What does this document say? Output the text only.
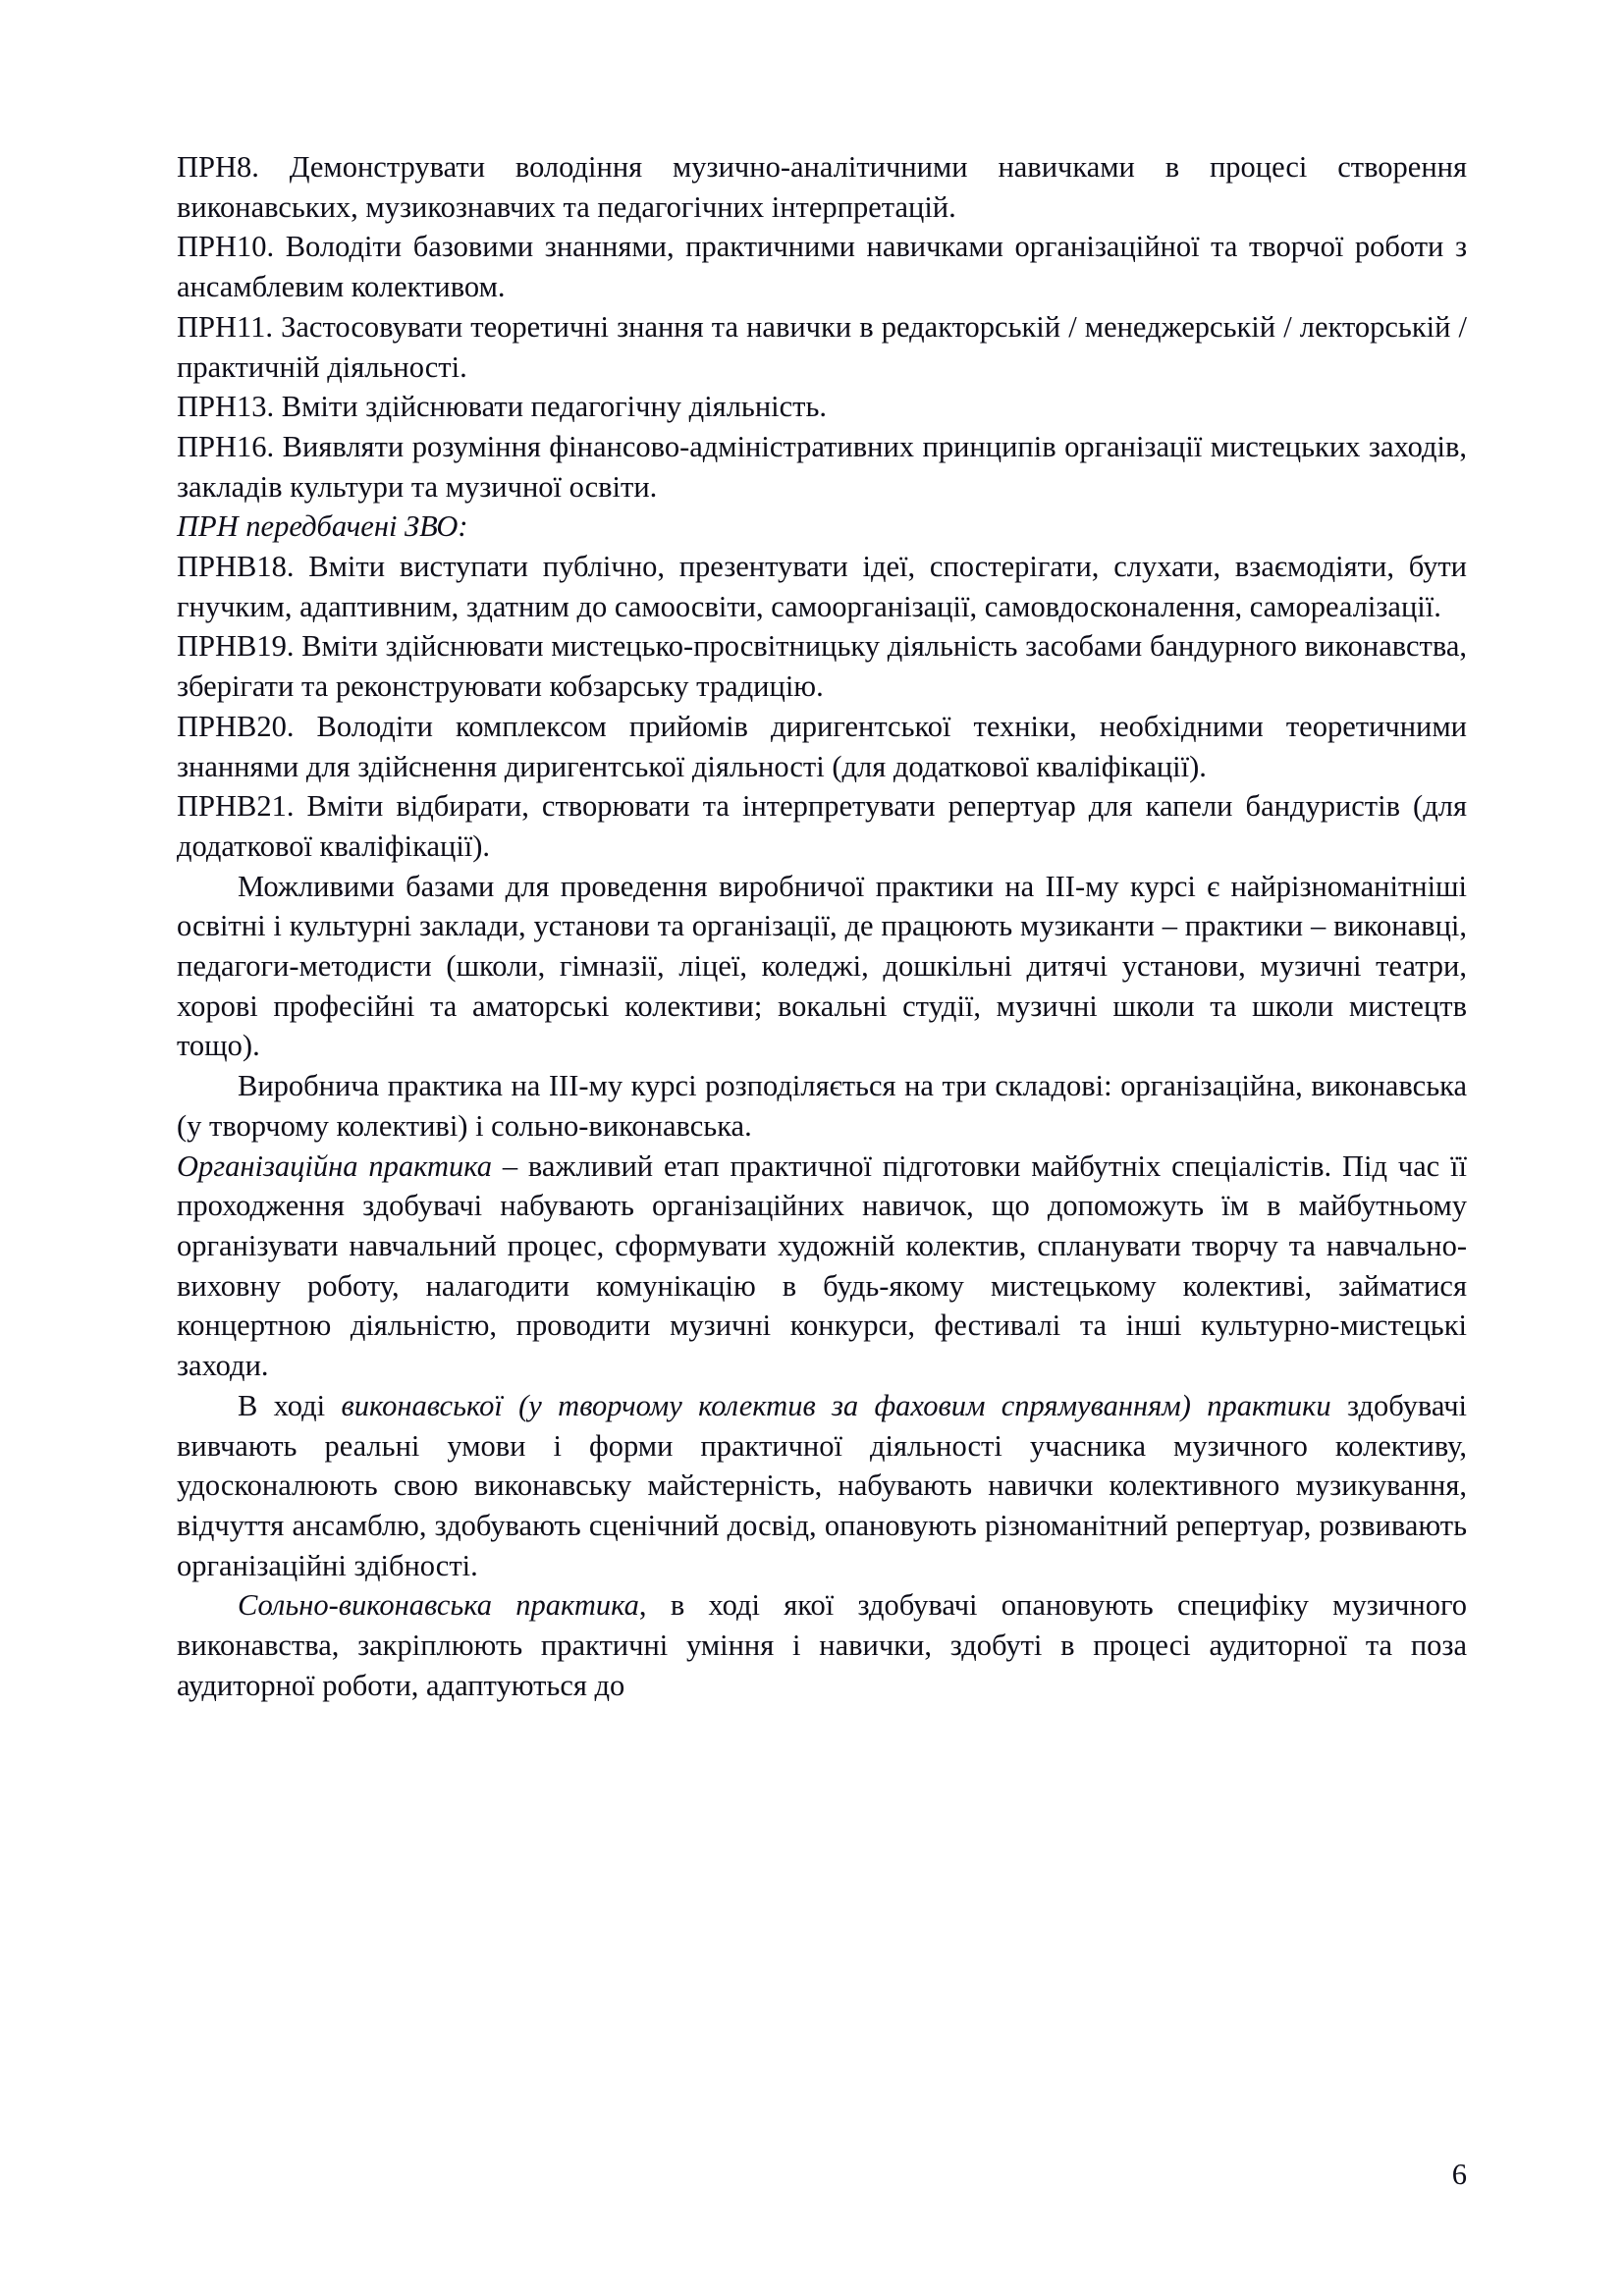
ПРН8. Демонструвати володіння музично-аналітичними навичками в процесі створення виконавських, музикознавчих та педагогічних інтерпретацій.

ПРН10. Володіти базовими знаннями, практичними навичками організаційної та творчої роботи з ансамблевим колективом.

ПРН11. Застосовувати теоретичні знання та навички в редакторській / менеджерській / лекторській / практичній діяльності.

ПРН13. Вміти здійснювати педагогічну діяльність.

ПРН16. Виявляти розуміння фінансово-адміністративних принципів організації мистецьких заходів, закладів культури та музичної освіти.

ПРН передбачені ЗВО:

ПРНВ18. Вміти виступати публічно, презентувати ідеї, спостерігати, слухати, взаємодіяти, бути гнучким, адаптивним, здатним до самоосвіти, самоорганізації, самовдосконалення, самореалізації.

ПРНВ19. Вміти здійснювати мистецько-просвітницьку діяльність засобами бандурного виконавства, зберігати та реконструювати кобзарську традицію.

ПРНВ20. Володіти комплексом прийомів диригентської техніки, необхідними теоретичними знаннями для здійснення диригентської діяльності (для додаткової кваліфікації).

ПРНВ21. Вміти відбирати, створювати та інтерпретувати репертуар для капели бандуристів (для додаткової кваліфікації).

Можливими базами для проведення виробничої практики на ІІІ-му курсі є найрізноманітніші освітні і культурні заклади, установи та організації, де працюють музиканти – практики – виконавці, педагоги-методисти (школи, гімназії, ліцеї, коледжі, дошкільні дитячі установи, музичні театри, хорові професійні та аматорські колективи; вокальні студії, музичні школи та школи мистецтв тощо).

Виробнича практика на ІІІ-му курсі розподіляється на три складові: організаційна, виконавська (у творчому колективі) і сольно-виконавська.

Організаційна практика – важливий етап практичної підготовки майбутніх спеціалістів. Під час її проходження здобувачі набувають організаційних навичок, що допоможуть їм в майбутньому організувати навчальний процес, сформувати художній колектив, спланувати творчу та навчально-виховну роботу, налагодити комунікацію в будь-якому мистецькому колективі, займатися концертною діяльністю, проводити музичні конкурси, фестивалі та інші культурно-мистецькі заходи.

В ході виконавської (у творчому колектив за фаховим спрямуванням) практики здобувачі вивчають реальні умови і форми практичної діяльності учасника музичного колективу, удосконалюють свою виконавську майстерність, набувають навички колективного музикування, відчуття ансамблю, здобувають сценічний досвід, опановують різноманітний репертуар, розвивають організаційні здібності.

Сольно-виконавська практика, в ході якої здобувачі опановують специфіку музичного виконавства, закріплюють практичні уміння і навички, здобуті в процесі аудиторної та поза аудиторної роботи, адаптуються до

6
